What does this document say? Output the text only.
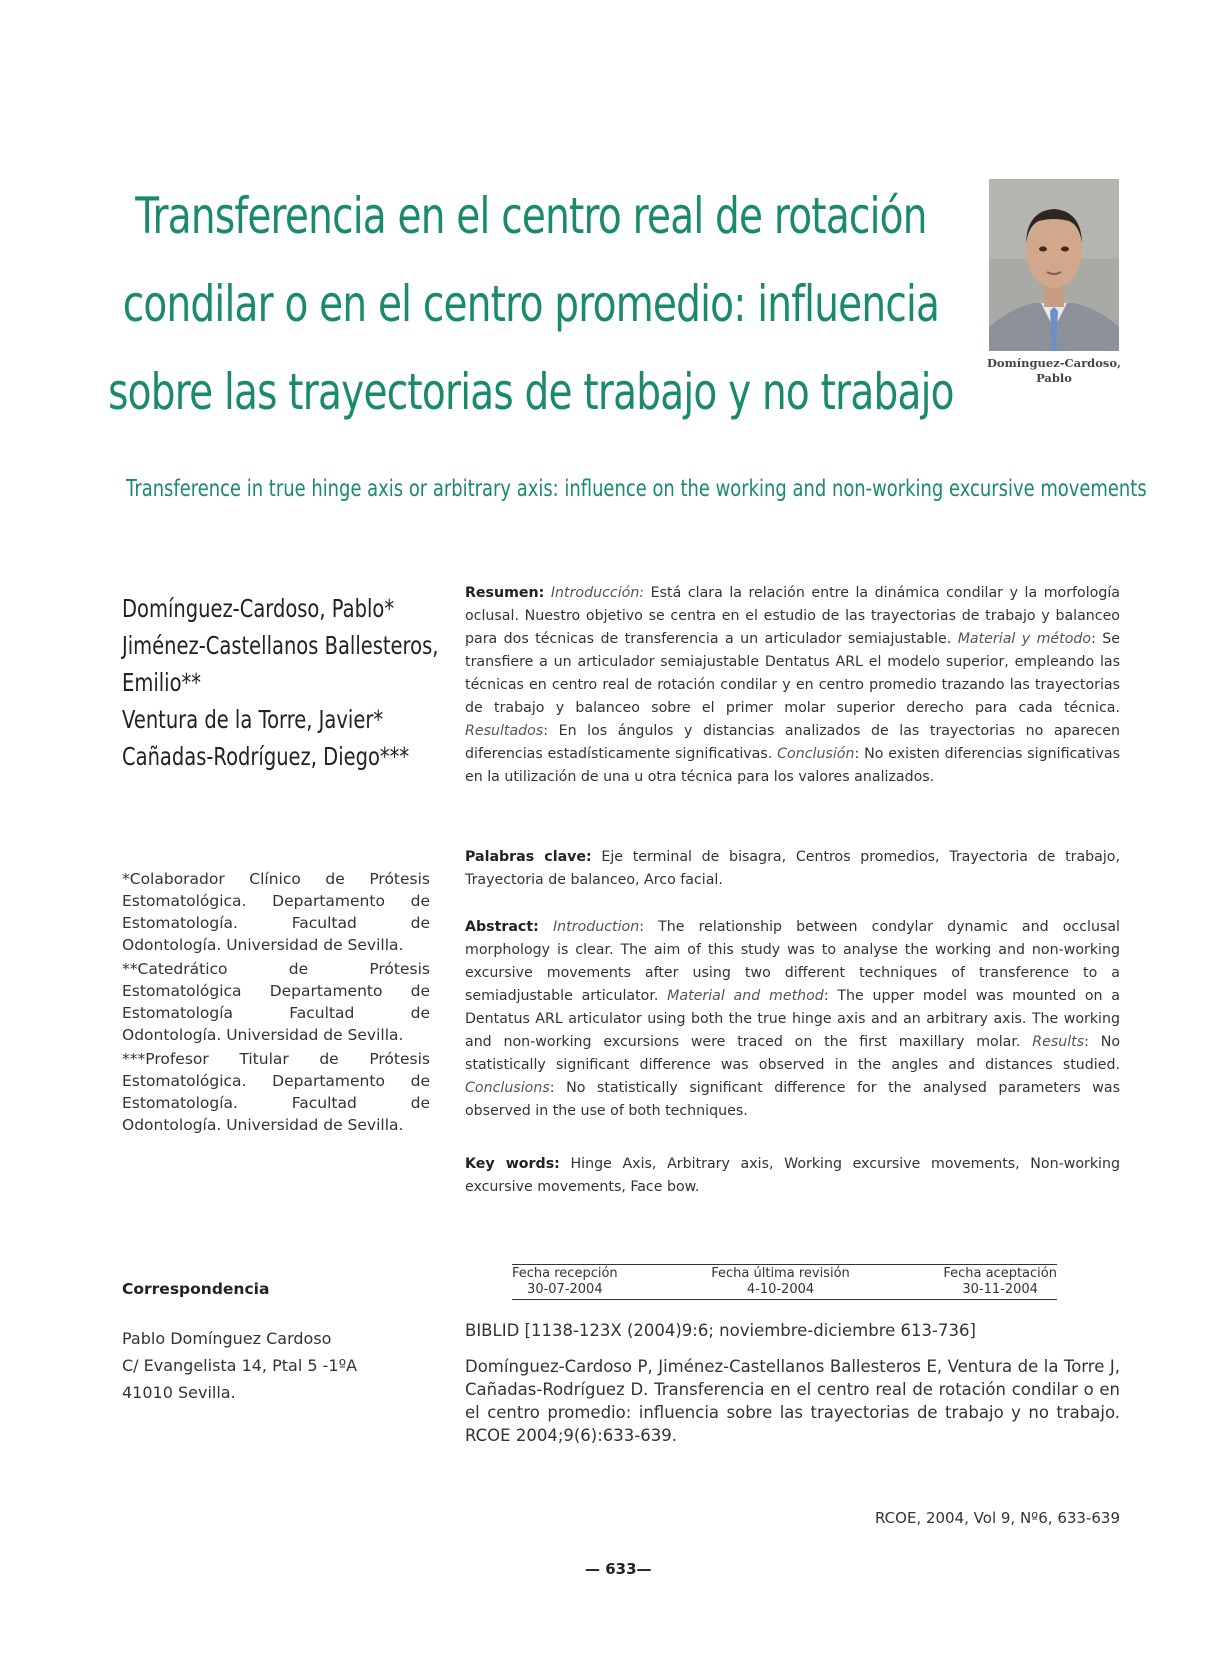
Transferencia en el centro real de rotación
condilar o en el centro promedio: influencia
sobre las trayectorias de trabajo y no trabajo	Domínguez-Cardoso,
Pablo
Transference in true hinge axis or arbitrary axis: influence on the working and non-working excursive movements
Domínguez-Cardoso, Pablo*
Jiménez-Castellanos Ballesteros,
Emilio**
Ventura de la Torre, Javier*
Cañadas-Rodríguez, Diego***

*Colaborador Clínico de Prótesis Estomatológica. Departamento de Estomatología. Facultad de Odontología. Universidad de Sevilla.

**Catedrático de Prótesis Estomatológica Departamento de Estomatología Facultad de Odontología. Universidad de Sevilla.

***Profesor Titular de Prótesis Estomatológica. Departamento de Estomatología. Facultad de Odontología. Universidad de Sevilla.

Resumen: Introducción: Está clara la relación entre la dinámica condilar y la morfología oclusal. Nuestro objetivo se centra en el estudio de las trayectorias de trabajo y balanceo para dos técnicas de transferencia a un articulador semiajustable. Material y método: Se transfiere a un articulador semiajustable Dentatus ARL el modelo superior, empleando las técnicas en centro real de rotación condilar y en centro promedio trazando las trayectorias de trabajo y balanceo sobre el primer molar superior derecho para cada técnica. Resultados: En los ángulos y distancias analizados de las trayectorias no aparecen diferencias estadísticamente significativas. Conclusión: No existen diferencias significativas en la utilización de una u otra técnica para los valores analizados.
Palabras clave: Eje terminal de bisagra, Centros promedios, Trayectoria de trabajo, Trayectoria de balanceo, Arco facial.
Abstract: Introduction: The relationship between condylar dynamic and occlusal morphology is clear. The aim of this study was to analyse the working and non-working excursive movements after using two different techniques of transference to a semiadjustable articulator. Material and method: The upper model was mounted on a Dentatus ARL articulator using both the true hinge axis and an arbitrary axis. The working and non-working excursions were traced on the first maxillary molar. Results: No statistically significant difference was observed in the angles and distances studied. Conclusions: No statistically significant difference for the analysed parameters was observed in the use of both techniques.
Key words: Hinge Axis, Arbitrary axis, Working excursive movements, Non-working excursive movements, Face bow.
Correspondencia
Pablo Domínguez Cardoso
C/ Evangelista 14, Ptal 5 -1ºA
41010 Sevilla.
Fecha recepción
30-07-2004
Fecha última revisión
4-10-2004
Fecha aceptación
30-11-2004
BIBLID [1138-123X (2004)9:6; noviembre-diciembre 613-736]
Domínguez-Cardoso P, Jiménez-Castellanos Ballesteros E, Ventura de la Torre J, Cañadas-Rodríguez D. Transferencia en el centro real de rotación condilar o en el centro promedio: influencia sobre las trayectorias de trabajo y no trabajo. RCOE 2004;9(6):633-639.
RCOE, 2004, Vol 9, Nº6, 633-639
— 633—
